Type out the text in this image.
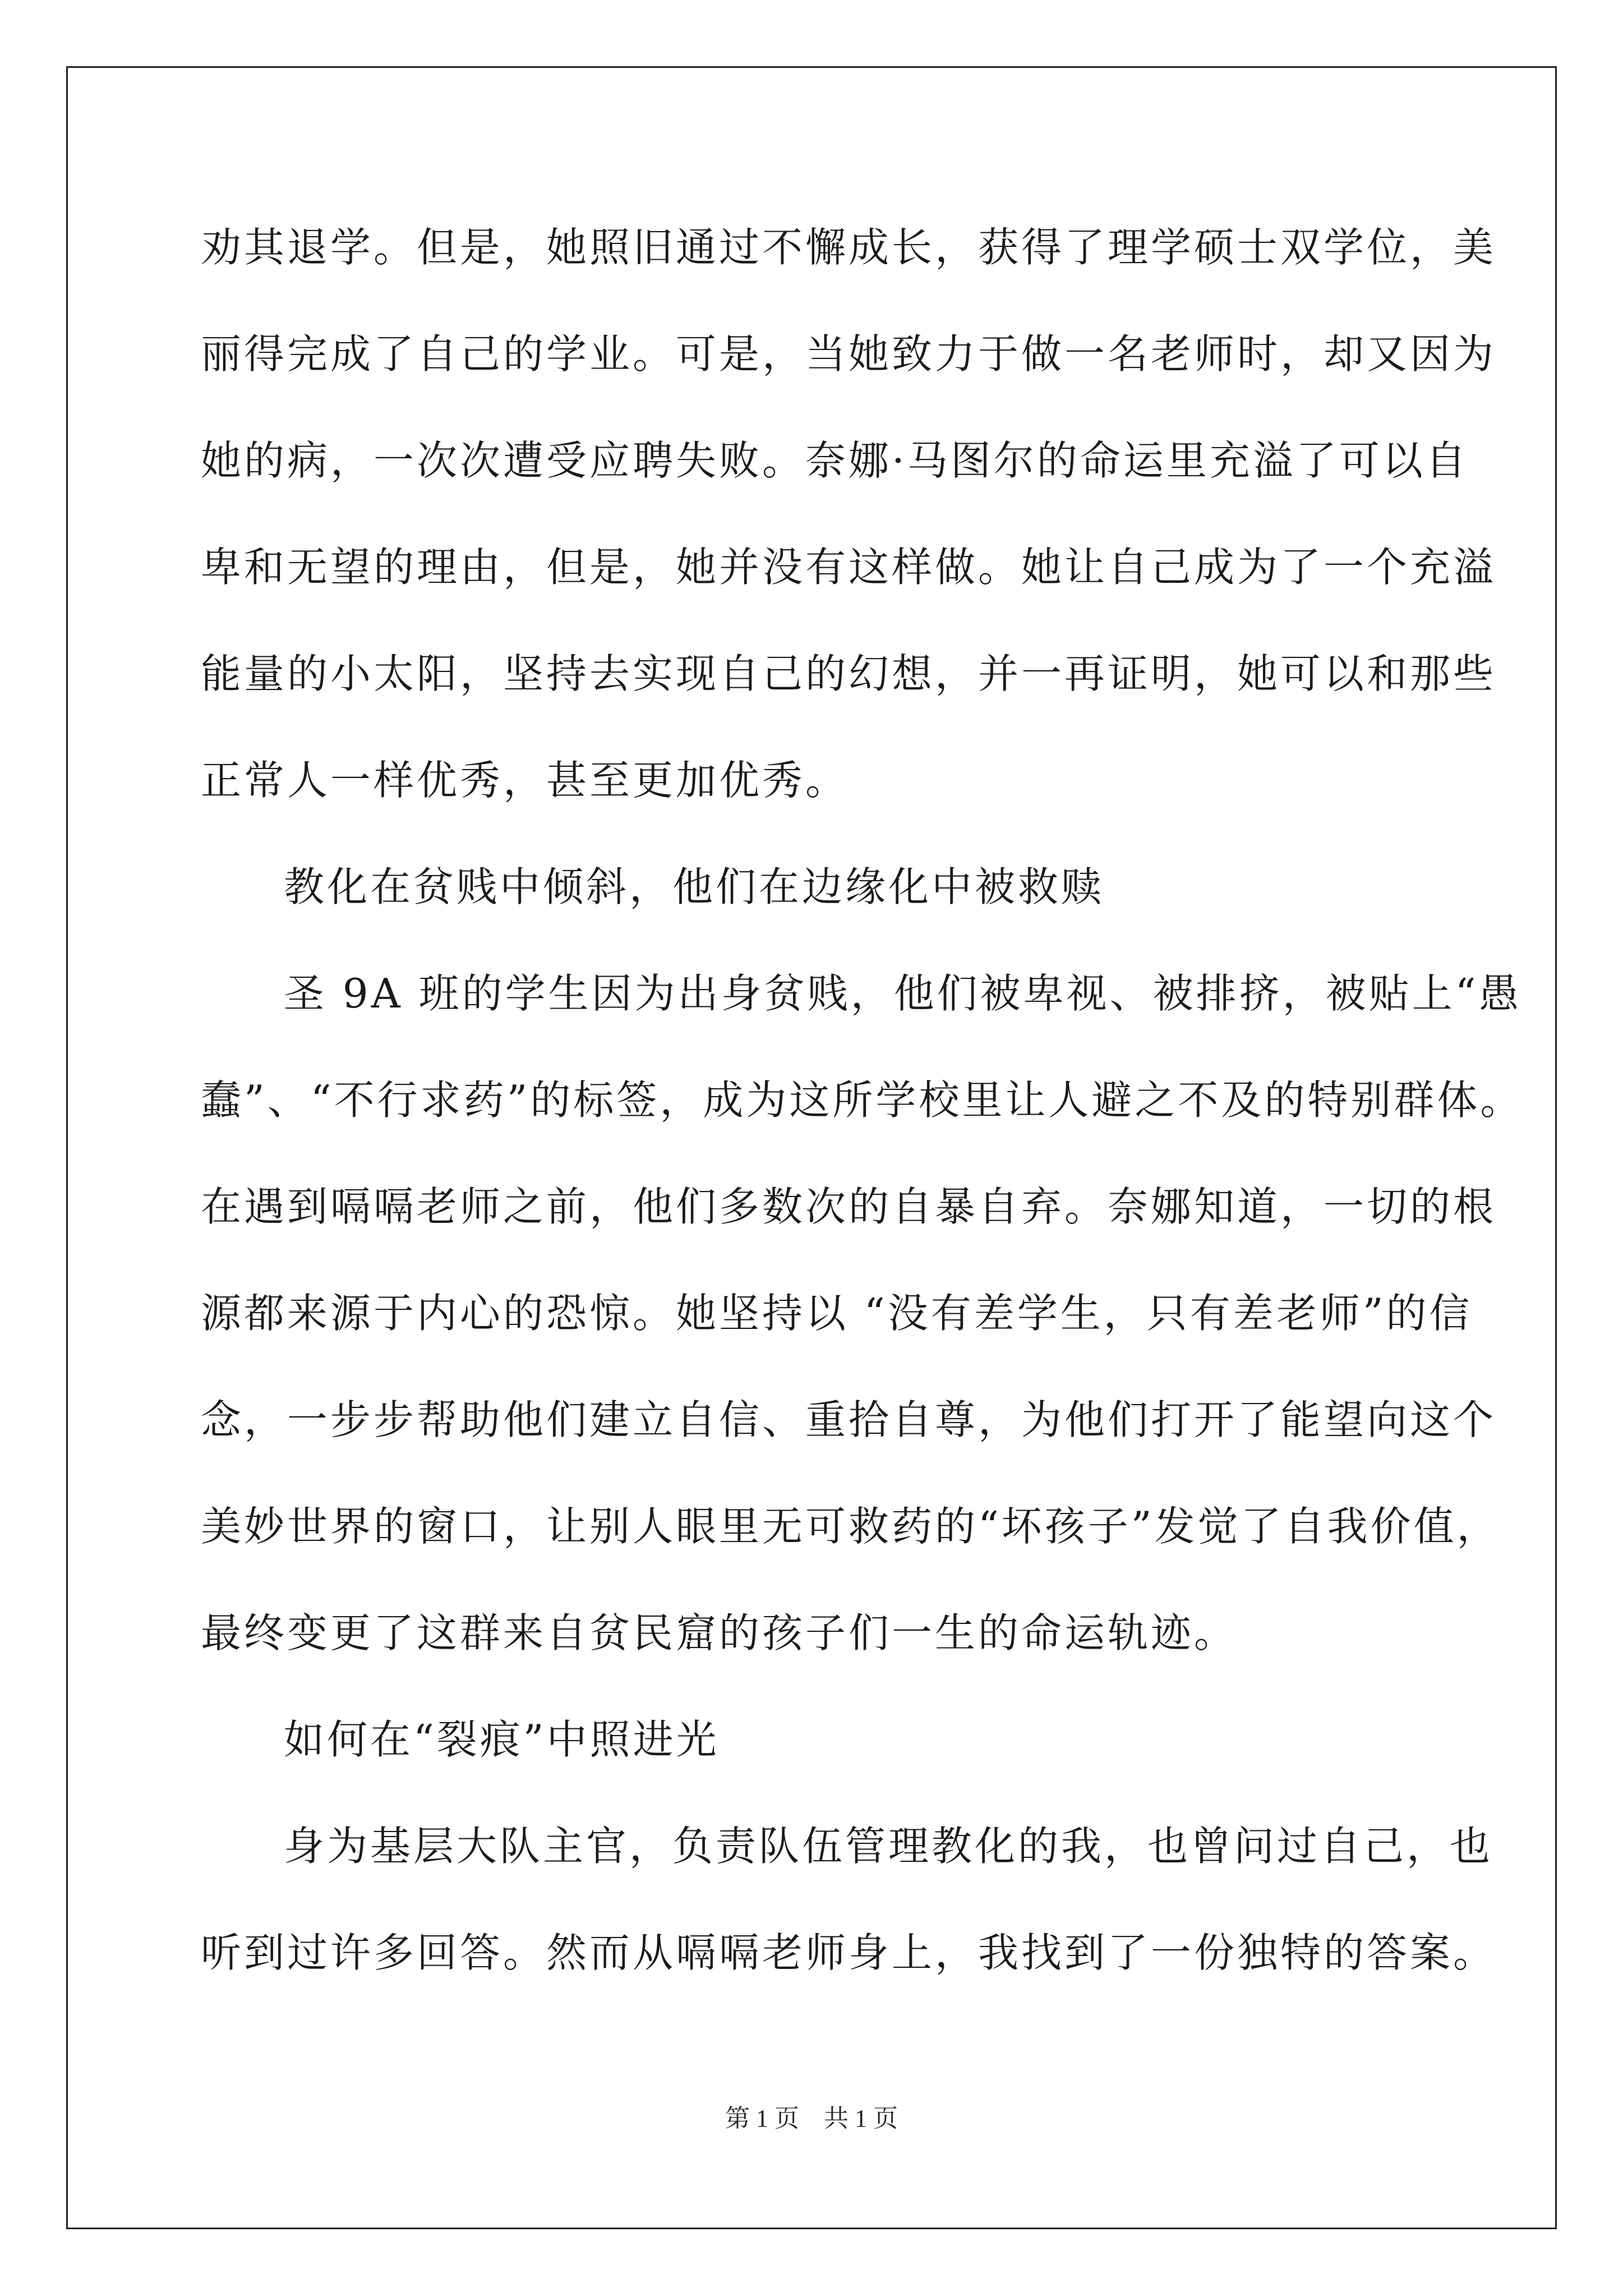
劝其退学。但是，她照旧通过不懈成长，获得了理学硕士双学位，美
丽得完成了自己的学业。可是，当她致力于做一名老师时，却又因为
她的病，一次次遭受应聘失败。奈娜·马图尔的命运里充溢了可以自
卑和无望的理由，但是，她并没有这样做。她让自己成为了一个充溢
能量的小太阳，坚持去实现自己的幻想，并一再证明，她可以和那些
正常人一样优秀，甚至更加优秀。
教化在贫贱中倾斜，他们在边缘化中被救赎
圣 9A 班的学生因为出身贫贱，他们被卑视、被排挤，被贴上“愚
蠢”、“不行求药”的标签，成为这所学校里让人避之不及的特别群体。
在遇到嗝嗝老师之前，他们多数次的自暴自弃。奈娜知道，一切的根
源都来源于内心的恐惊。她坚持以 “没有差学生，只有差老师”的信
念，一步步帮助他们建立自信、重拾自尊，为他们打开了能望向这个
美妙世界的窗口，让别人眼里无可救药的“坏孩子”发觉了自我价值，
最终变更了这群来自贫民窟的孩子们一生的命运轨迹。
如何在“裂痕”中照进光
身为基层大队主官，负责队伍管理教化的我，也曾问过自己，也
听到过许多回答。然而从嗝嗝老师身上，我找到了一份独特的答案。
第 1 页    共 1 页
